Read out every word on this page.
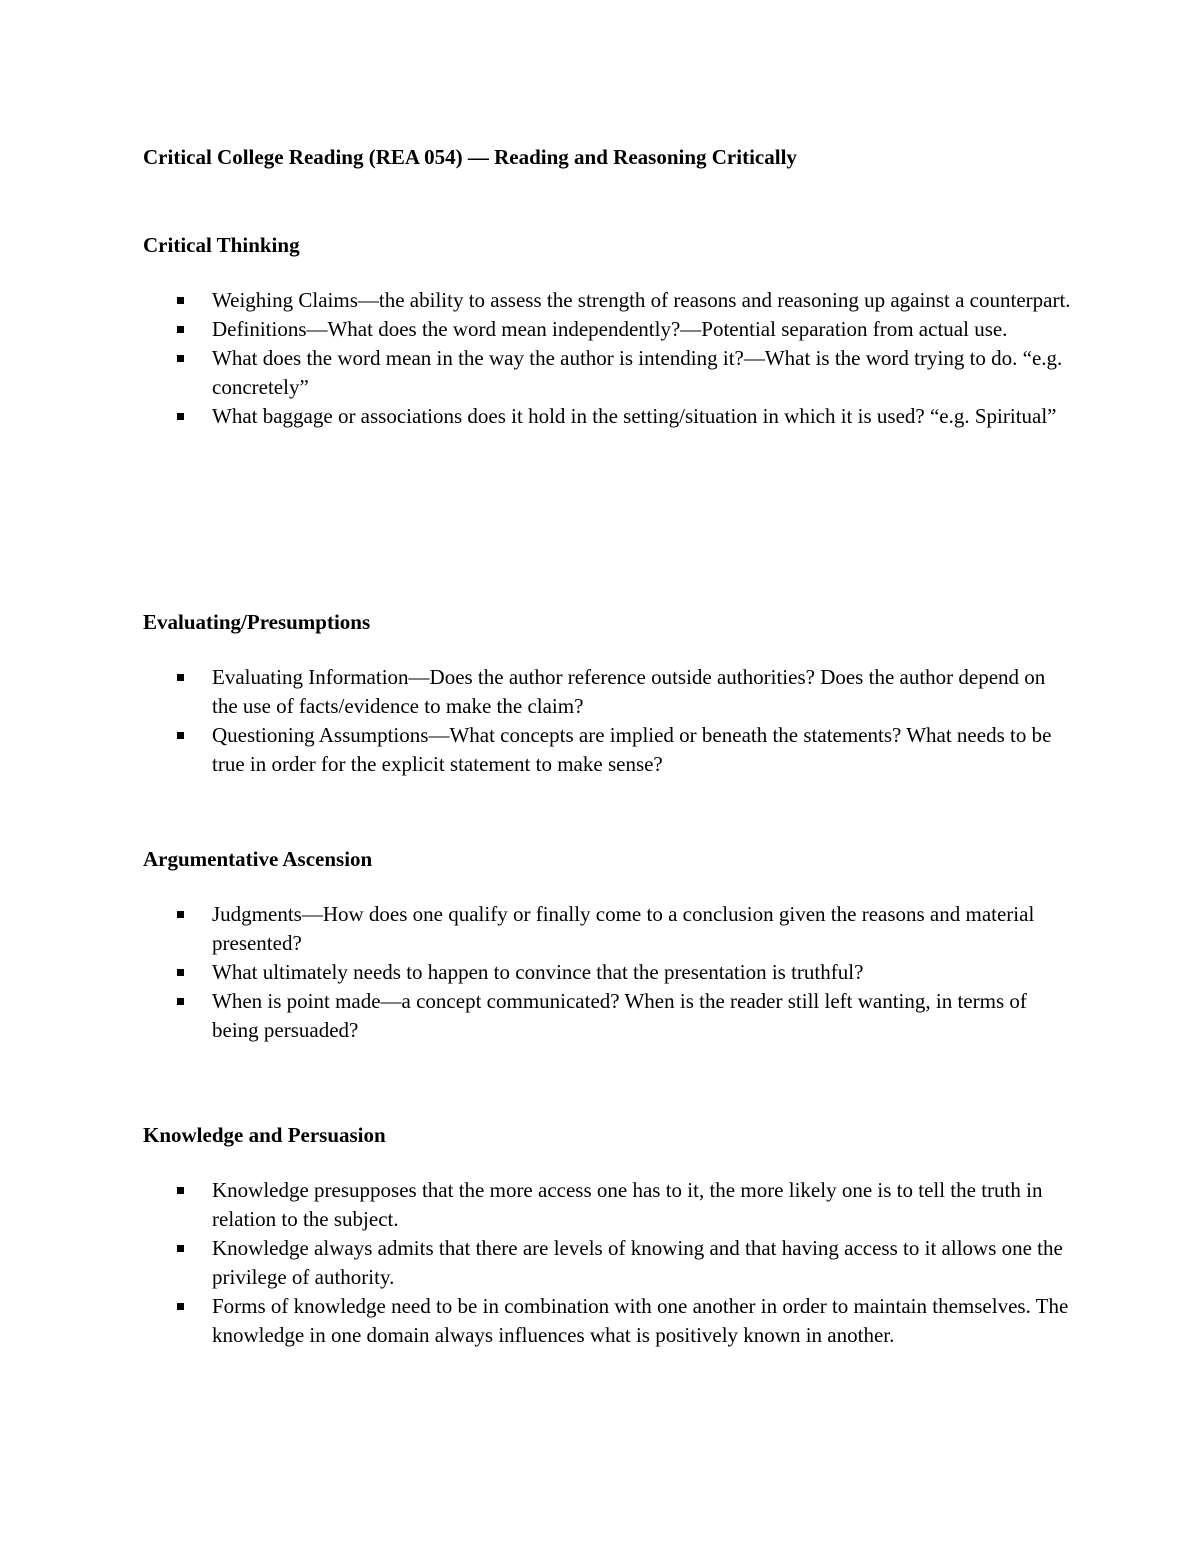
Critical College Reading (REA 054) — Reading and Reasoning Critically
Critical Thinking
Weighing Claims—the ability to assess the strength of reasons and reasoning up against a counterpart.
Definitions—What does the word mean independently?—Potential separation from actual use.
What does the word mean in the way the author is intending it?—What is the word trying to do. “e.g. concretely”
What baggage or associations does it hold in the setting/situation in which it is used? “e.g. Spiritual”
Evaluating/Presumptions
Evaluating Information—Does the author reference outside authorities? Does the author depend on the use of facts/evidence to make the claim?
Questioning Assumptions—What concepts are implied or beneath the statements? What needs to be true in order for the explicit statement to make sense?
Argumentative Ascension
Judgments—How does one qualify or finally come to a conclusion given the reasons and material presented?
What ultimately needs to happen to convince that the presentation is truthful?
When is point made—a concept communicated? When is the reader still left wanting, in terms of being persuaded?
Knowledge and Persuasion
Knowledge presupposes that the more access one has to it, the more likely one is to tell the truth in relation to the subject.
Knowledge always admits that there are levels of knowing and that having access to it allows one the privilege of authority.
Forms of knowledge need to be in combination with one another in order to maintain themselves. The knowledge in one domain always influences what is positively known in another.
